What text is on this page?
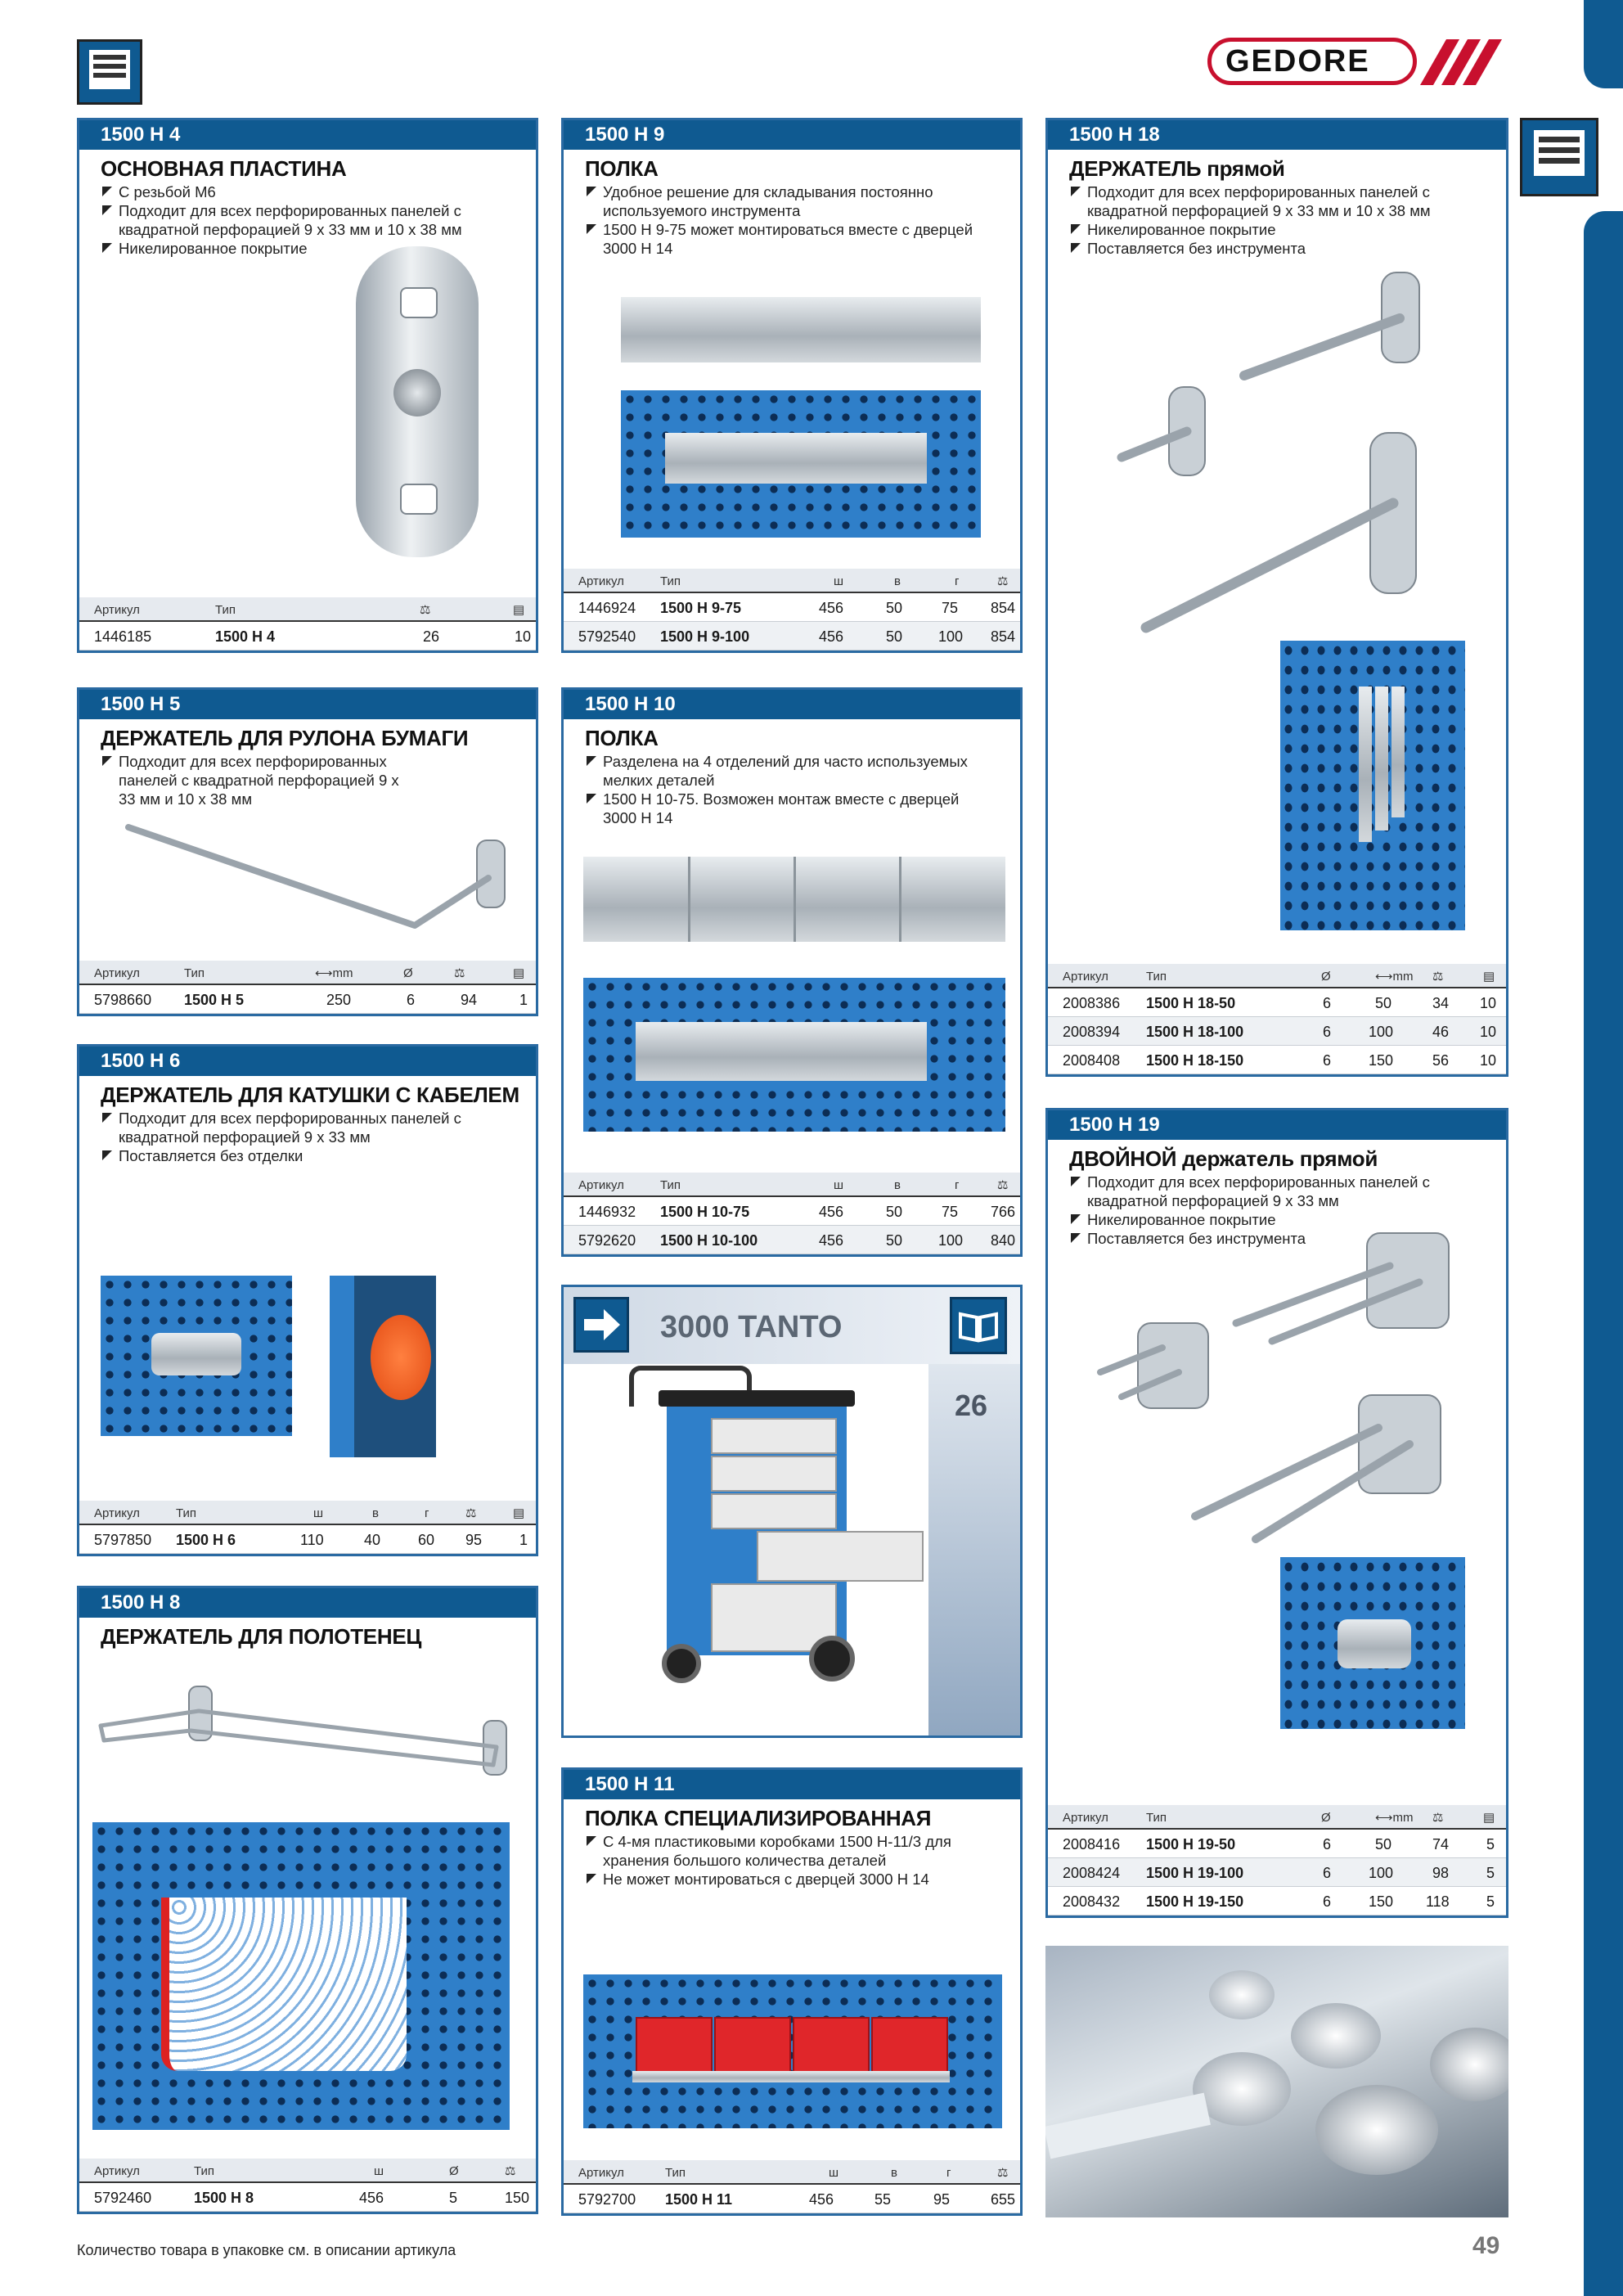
GEDORE
1500 H 4
ОСНОВНАЯ ПЛАСТИНА
С резьбой M6
Подходит для всех перфорированных панелей с квадратной перфорацией 9 х 33 мм и 10 х 38 мм
Никелированное покрытие
Артикул	Тип	⚖	▤
1446185	1500 H 4	26	10
1500 H 9
ПОЛКА
Удобное решение для складывания постоянно используемого инструмента
1500 H 9-75 может монтироваться вместе с дверцей 3000 H 14
Артикул	Тип	ш	в	г	⚖
1446924 1500 H 9-75	456	50	75 854
5792540 1500 H 9-100	456	50 100 854
1500 H 18
ДЕРЖАТЕЛЬ прямой
Подходит для всех перфорированных панелей с квадратной перфорацией 9 х 33 мм и 10 х 38 мм
Никелированное покрытие
Поставляется без инструмента
Артикул	Тип	Ø	⟷mm ⚖	▤
2008386 1500 H 18-50	6	50	34 10
2008394 1500 H 18-100	6	100	46 10
2008408 1500 H 18-150	6	150	56 10
1500 H 5
ДЕРЖАТЕЛЬ ДЛЯ РУЛОНА БУМАГИ
Подходит для всех перфорированных панелей с квадратной перфорацией 9 х 33 мм и 10 х 38 мм
Артикул	Тип	⟷mm	Ø	⚖	▤
5798660 1500 H 5	250	6	94	1
1500 H 10
ПОЛКА
Разделена на 4 отделений для часто используемых мелких деталей
1500 H 10-75. Возможен монтаж вместе с дверцей 3000 H 14
Артикул	Тип	ш	в	г	⚖
1446932 1500 H 10-75	456	50	75 766
5792620 1500 H 10-100	456	50 100 840
1500 H 6
ДЕРЖАТЕЛЬ ДЛЯ КАТУШКИ С КАБЕЛЕМ
Подходит для всех перфорированных панелей с квадратной перфорацией 9 х 33 мм
Поставляется без отделки
Артикул	Тип	ш	в	г	⚖	▤
5797850 1500 H 6	110	40	60 95	1
1500 H 19
ДВОЙНОЙ держатель прямой
Подходит для всех перфорированных панелей с квадратной перфорацией 9 х 33 мм
Никелированное покрытие
Поставляется без инструмента
Артикул	Тип	Ø	⟷mm ⚖	▤
2008416 1500 H 19-50	6	50	74	5
2008424 1500 H 19-100	6	100	98	5
2008432 1500 H 19-150	6	150 118	5
3000 TANTO
26
1500 H 8
ДЕРЖАТЕЛЬ ДЛЯ ПОЛОТЕНЕЦ
Артикул	Тип	ш	Ø	⚖
5792460	1500 H 8	456	5	150
1500 H 11
ПОЛКА СПЕЦИАЛИЗИРОВАННАЯ
С 4-мя пластиковыми коробками 1500 H-11/3 для хранения большого количества деталей
Не может монтироваться с дверцей 3000 H 14
Артикул	Тип	ш	в	г	⚖
5792700 1500 H 11	456	55	95	655
Количество товара в упаковке см. в описании артикула	49
